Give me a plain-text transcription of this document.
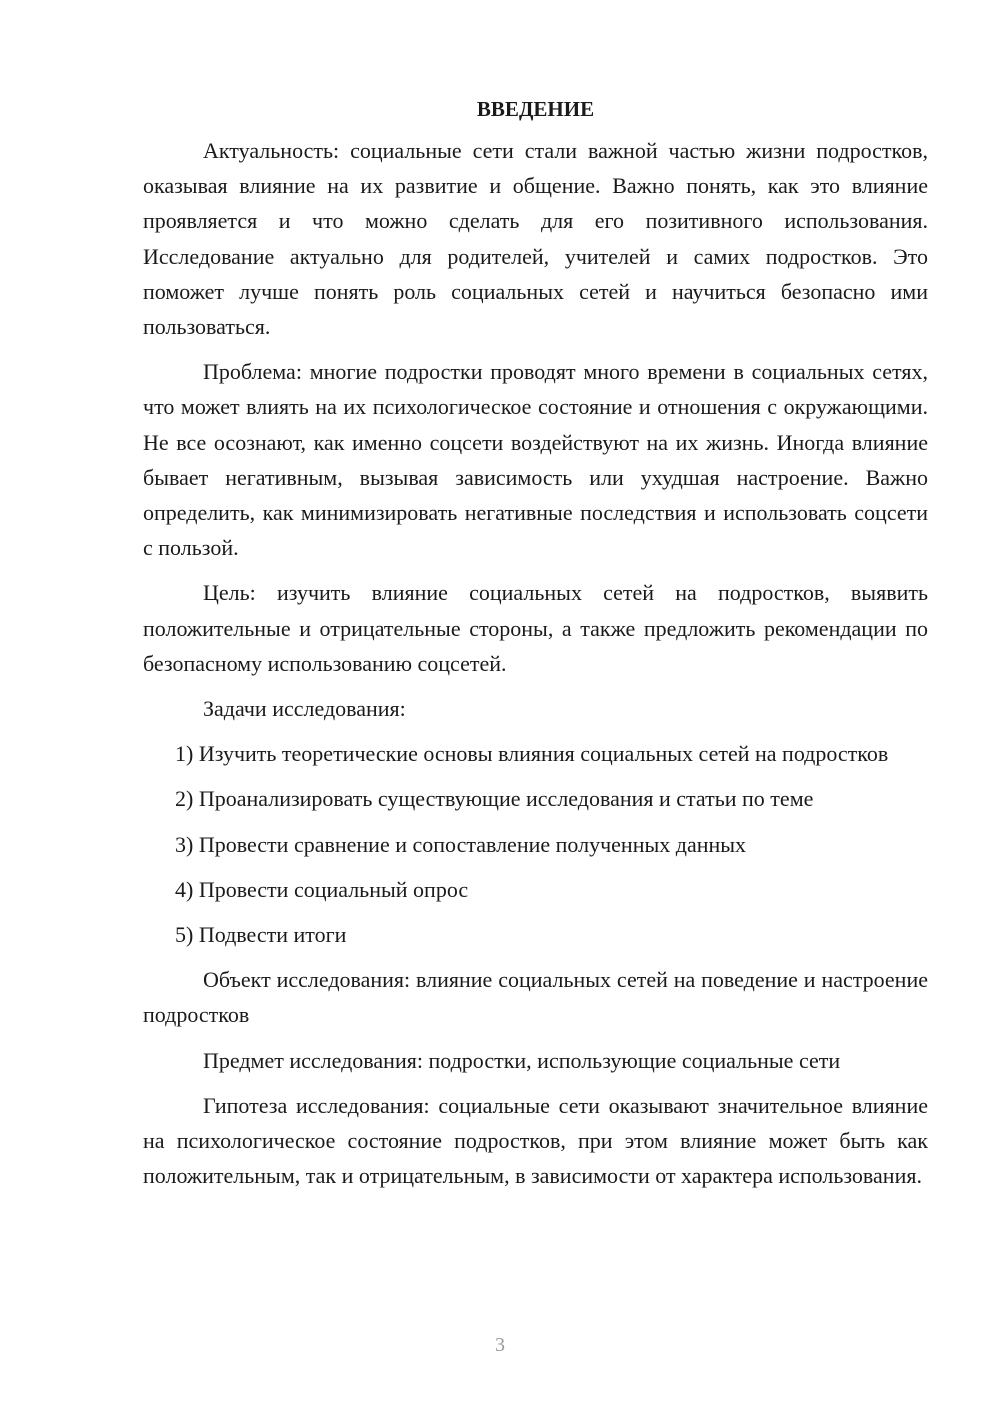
ВВЕДЕНИЕ

Актуальность: социальные сети стали важной частью жизни подростков, оказывая влияние на их развитие и общение. Важно понять, как это влияние проявляется и что можно сделать для его позитивного использования. Исследование актуально для родителей, учителей и самих подростков. Это поможет лучше понять роль социальных сетей и научиться безопасно ими пользоваться.

Проблема: многие подростки проводят много времени в социальных сетях, что может влиять на их психологическое состояние и отношения с окружающими. Не все осознают, как именно соцсети воздействуют на их жизнь. Иногда влияние бывает негативным, вызывая зависимость или ухудшая настроение. Важно определить, как минимизировать негативные последствия и использовать соцсети с пользой.

Цель: изучить влияние социальных сетей на подростков, выявить положительные и отрицательные стороны, а также предложить рекомендации по безопасному использованию соцсетей.

Задачи исследования:

1) Изучить теоретические основы влияния социальных сетей на подростков

2) Проанализировать существующие исследования и статьи по теме

3) Провести сравнение и сопоставление полученных данных

4) Провести социальный опрос

5) Подвести итоги

Объект исследования: влияние социальных сетей на поведение и настроение подростков

Предмет исследования: подростки, использующие социальные сети

Гипотеза исследования: социальные сети оказывают значительное влияние на психологическое состояние подростков, при этом влияние может быть как положительным, так и отрицательным, в зависимости от характера использования.

3
